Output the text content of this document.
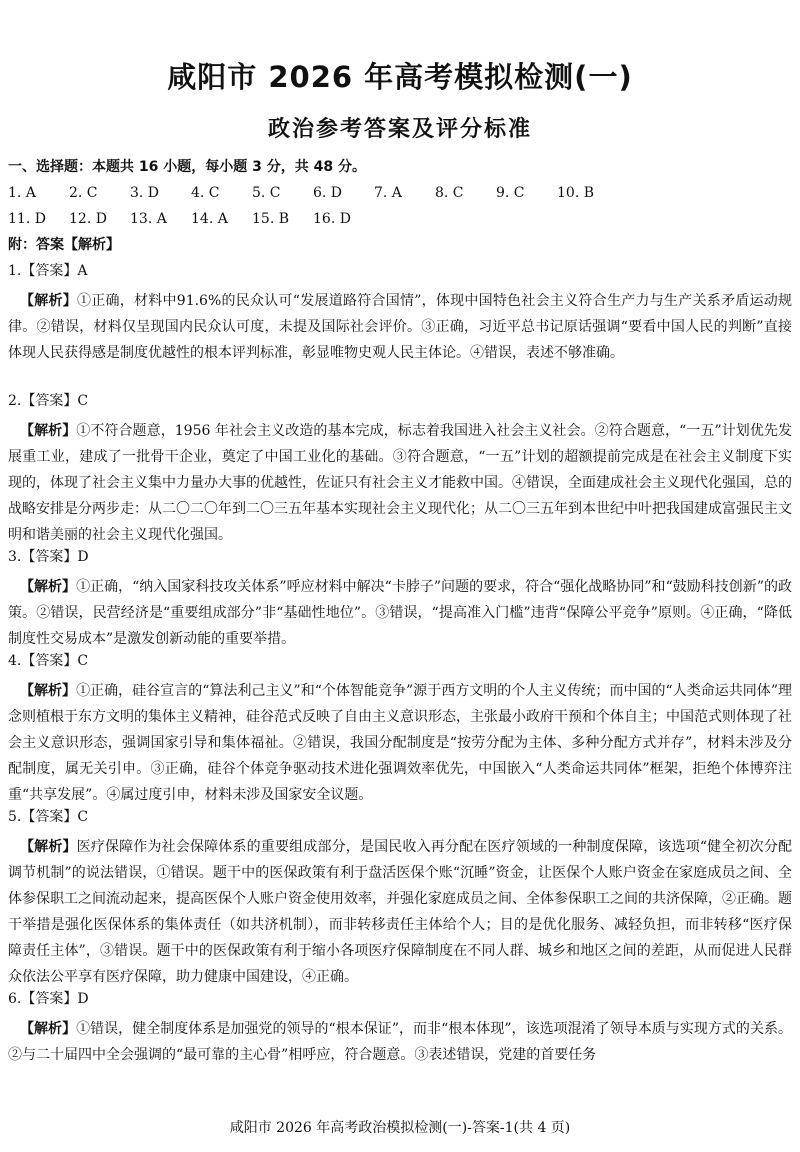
咸阳市 2026 年高考模拟检测(一)
政治参考答案及评分标准
一、选择题：本题共 16 小题，每小题 3 分，共 48 分。
1. A 2. C 3. D 4. C 5. C 6. D 7. A 8. C 9. C 10. B
11. D 12. D 13. A 14. A 15. B 16. D
附：答案【解析】
1.【答案】A

【解析】①正确，材料中91.6%的民众认可“发展道路符合国情”，体现中国特色社会主义符合生产力与生产关系矛盾运动规律。②错误，材料仅呈现国内民众认可度，未提及国际社会评价。③正确，习近平总书记原话强调“要看中国人民的判断”直接体现人民获得感是制度优越性的根本评判标准，彰显唯物史观人民主体论。④错误，表述不够准确。

2.【答案】C

【解析】①不符合题意，1956 年社会主义改造的基本完成，标志着我国进入社会主义社会。②符合题意，“一五”计划优先发展重工业，建成了一批骨干企业，奠定了中国工业化的基础。③符合题意，“一五”计划的超额提前完成是在社会主义制度下实现的，体现了社会主义集中力量办大事的优越性，佐证只有社会主义才能救中国。④错误，全面建成社会主义现代化强国，总的战略安排是分两步走：从二〇二〇年到二〇三五年基本实现社会主义现代化；从二〇三五年到本世纪中叶把我国建成富强民主文明和谐美丽的社会主义现代化强国。

3.【答案】D

【解析】①正确，“纳入国家科技攻关体系”呼应材料中解决“卡脖子”问题的要求，符合“强化战略协同”和“鼓励科技创新”的政策。②错误，民营经济是“重要组成部分”非“基础性地位”。③错误，“提高准入门槛”违背“保障公平竞争”原则。④正确，“降低制度性交易成本”是激发创新动能的重要举措。

4.【答案】C

【解析】①正确，硅谷宣言的“算法利己主义”和“个体智能竞争”源于西方文明的个人主义传统；而中国的“人类命运共同体”理念则植根于东方文明的集体主义精神，硅谷范式反映了自由主义意识形态，主张最小政府干预和个体自主；中国范式则体现了社会主义意识形态，强调国家引导和集体福祉。②错误，我国分配制度是“按劳分配为主体、多种分配方式并存”，材料未涉及分配制度，属无关引申。③正确，硅谷个体竞争驱动技术进化强调效率优先，中国嵌入“人类命运共同体”框架，拒绝个体博弈注重“共享发展”。④属过度引申，材料未涉及国家安全议题。

5.【答案】C

【解析】医疗保障作为社会保障体系的重要组成部分，是国民收入再分配在医疗领域的一种制度保障，该选项“健全初次分配调节机制”的说法错误，①错误。题干中的医保政策有利于盘活医保个账“沉睡”资金，让医保个人账户资金在家庭成员之间、全体参保职工之间流动起来，提高医保个人账户资金使用效率，并强化家庭成员之间、全体参保职工之间的共济保障，②正确。题干举措是强化医保体系的集体责任（如共济机制），而非转移责任主体给个人；目的是优化服务、减轻负担，而非转移“医疗保障责任主体”，③错误。题干中的医保政策有利于缩小各项医疗保障制度在不同人群、城乡和地区之间的差距，从而促进人民群众依法公平享有医疗保障，助力健康中国建设，④正确。

6.【答案】D

【解析】①错误，健全制度体系是加强党的领导的“根本保证”，而非“根本体现”，该选项混淆了领导本质与实现方式的关系。②与二十届四中全会强调的“最可靠的主心骨”相呼应，符合题意。③表述错误，党建的首要任务

咸阳市 2026 年高考政治模拟检测(一)-答案-1(共 4 页)
